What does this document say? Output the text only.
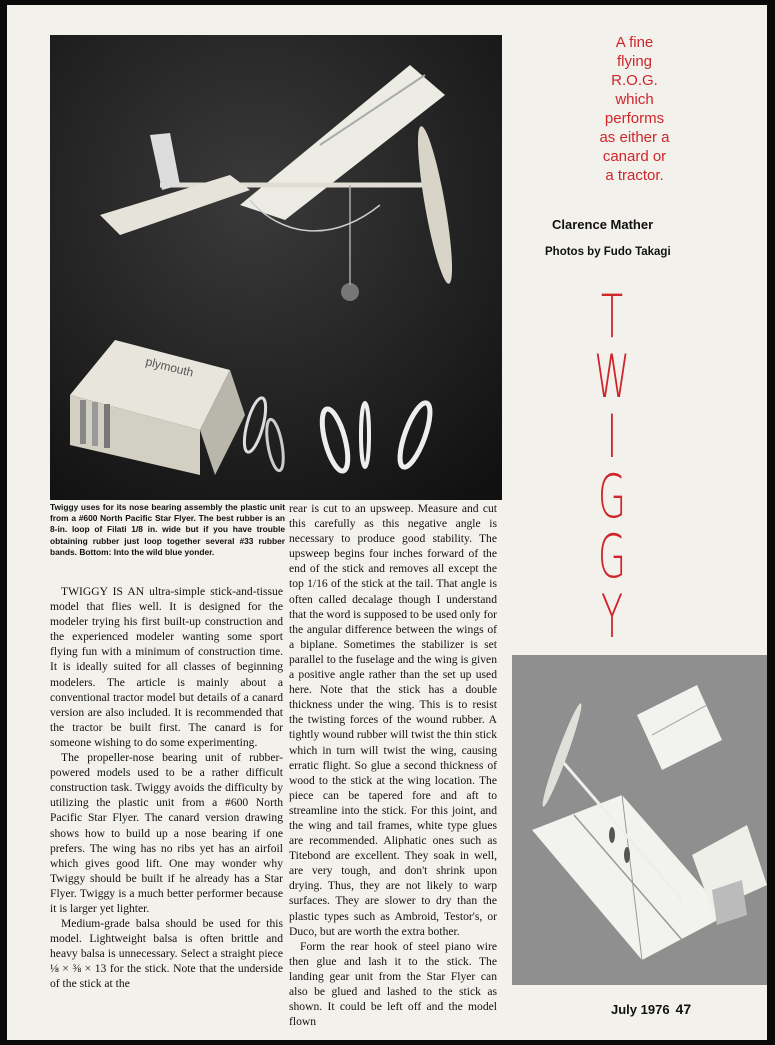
plymouth

Twiggy uses for its nose bearing assembly the plastic unit from a #600 North Pacific Star Flyer. The best rubber is an 8-in. loop of Filati 1/8 in. wide but if you have trouble obtaining rubber just loop together several #33 rubber bands. Bottom: Into the wild blue yonder.

TWIGGY IS AN ultra-simple stick-and-tissue model that flies well. It is designed for the modeler trying his first built-up construction and the experienced modeler wanting some sport flying fun with a minimum of construction time. It is ideally suited for all classes of beginning modelers. The article is mainly about a conventional tractor model but details of a canard version are also included. It is recommended that the tractor be built first. The canard is for someone wishing to do some experimenting.

The propeller-nose bearing unit of rubber-powered models used to be a rather difficult construction task. Twiggy avoids the difficulty by utilizing the plastic unit from a #600 North Pacific Star Flyer. The canard version drawing shows how to build up a nose bearing if one prefers. The wing has no ribs yet has an airfoil which gives good lift. One may wonder why Twiggy should be built if he already has a Star Flyer. Twiggy is a much better performer because it is larger yet lighter.

Medium-grade balsa should be used for this model. Lightweight balsa is often brittle and heavy balsa is unnecessary. Select a straight piece ⅛ × ⅜ × 13 for the stick. Note that the underside of the stick at the

rear is cut to an upsweep. Measure and cut this carefully as this negative angle is necessary to produce good stability. The upsweep begins four inches forward of the end of the stick and removes all except the top 1/16 of the stick at the tail. That angle is often called decalage though I understand that the word is supposed to be used only for the angular difference between the wings of a biplane. Sometimes the stabilizer is set parallel to the fuselage and the wing is given a positive angle rather than the set up used here. Note that the stick has a double thickness under the wing. This is to resist the twisting forces of the wound rubber. A tightly wound rubber will twist the thin stick which in turn will twist the wing, causing erratic flight. So glue a second thickness of wood to the stick at the wing location. The piece can be tapered fore and aft to streamline into the stick. For this joint, and the wing and tail frames, white type glues are recommended. Aliphatic ones such as Titebond are excellent. They soak in well, are very tough, and don't shrink upon drying. Thus, they are not likely to warp surfaces. They are slower to dry than the plastic types such as Ambroid, Testor's, or Duco, but are worth the extra bother.

Form the rear hook of steel piano wire then glue and lash it to the stick. The landing gear unit from the Star Flyer can also be glued and lashed to the stick as shown. It could be left off and the model flown

A fine
flying
R.O.G.
which
performs
as either a
canard or
a tractor.

Clarence Mather

Photos by Fudo Takagi

T
W
I
G
G
Y

July 1976 47
